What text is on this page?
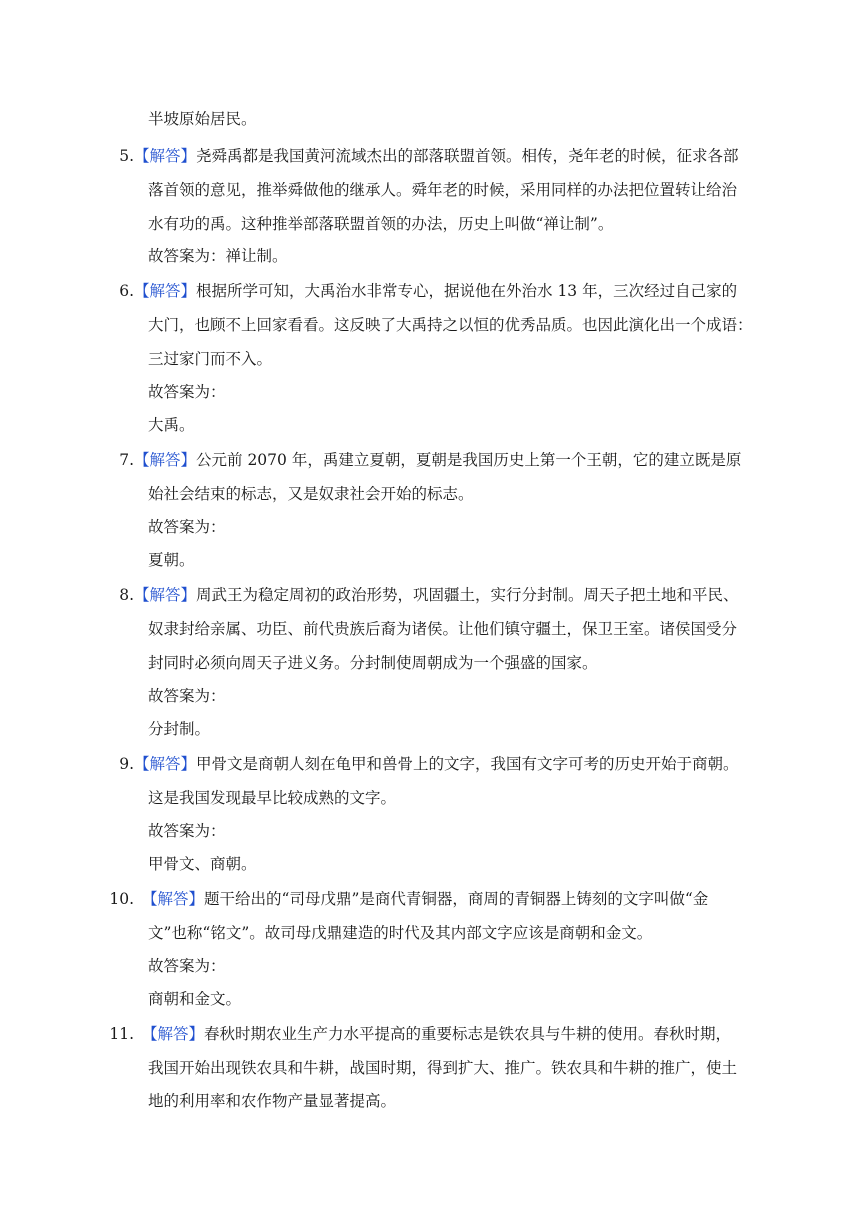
半坡原始居民。
5. 【解答】尧舜禹都是我国黄河流域杰出的部落联盟首领。相传，尧年老的时候，征求各部
落首领的意见，推举舜做他的继承人。舜年老的时候，采用同样的办法把位置转让给治
水有功的禹。这种推举部落联盟首领的办法，历史上叫做“禅让制”。
故答案为：禅让制。
6. 【解答】根据所学可知，大禹治水非常专心，据说他在外治水 13 年，三次经过自己家的
大门，也顾不上回家看看。这反映了大禹持之以恒的优秀品质。也因此演化出一个成语：
三过家门而不入。
故答案为：
大禹。
7. 【解答】公元前 2070 年，禹建立夏朝，夏朝是我国历史上第一个王朝，它的建立既是原
始社会结束的标志，又是奴隶社会开始的标志。
故答案为：
夏朝。
8. 【解答】周武王为稳定周初的政治形势，巩固疆土，实行分封制。周天子把土地和平民、
奴隶封给亲属、功臣、前代贵族后裔为诸侯。让他们镇守疆土，保卫王室。诸侯国受分
封同时必须向周天子进义务。分封制使周朝成为一个强盛的国家。
故答案为：
分封制。
9. 【解答】甲骨文是商朝人刻在龟甲和兽骨上的文字，我国有文字可考的历史开始于商朝。
这是我国发现最早比较成熟的文字。
故答案为：
甲骨文、商朝。
10. 【解答】题干给出的“司母戊鼎”是商代青铜器，商周的青铜器上铸刻的文字叫做“金
文”也称“铭文”。故司母戊鼎建造的时代及其内部文字应该是商朝和金文。
故答案为：
商朝和金文。
11. 【解答】春秋时期农业生产力水平提高的重要标志是铁农具与牛耕的使用。春秋时期，
我国开始出现铁农具和牛耕，战国时期，得到扩大、推广。铁农具和牛耕的推广，使土
地的利用率和农作物产量显著提高。
